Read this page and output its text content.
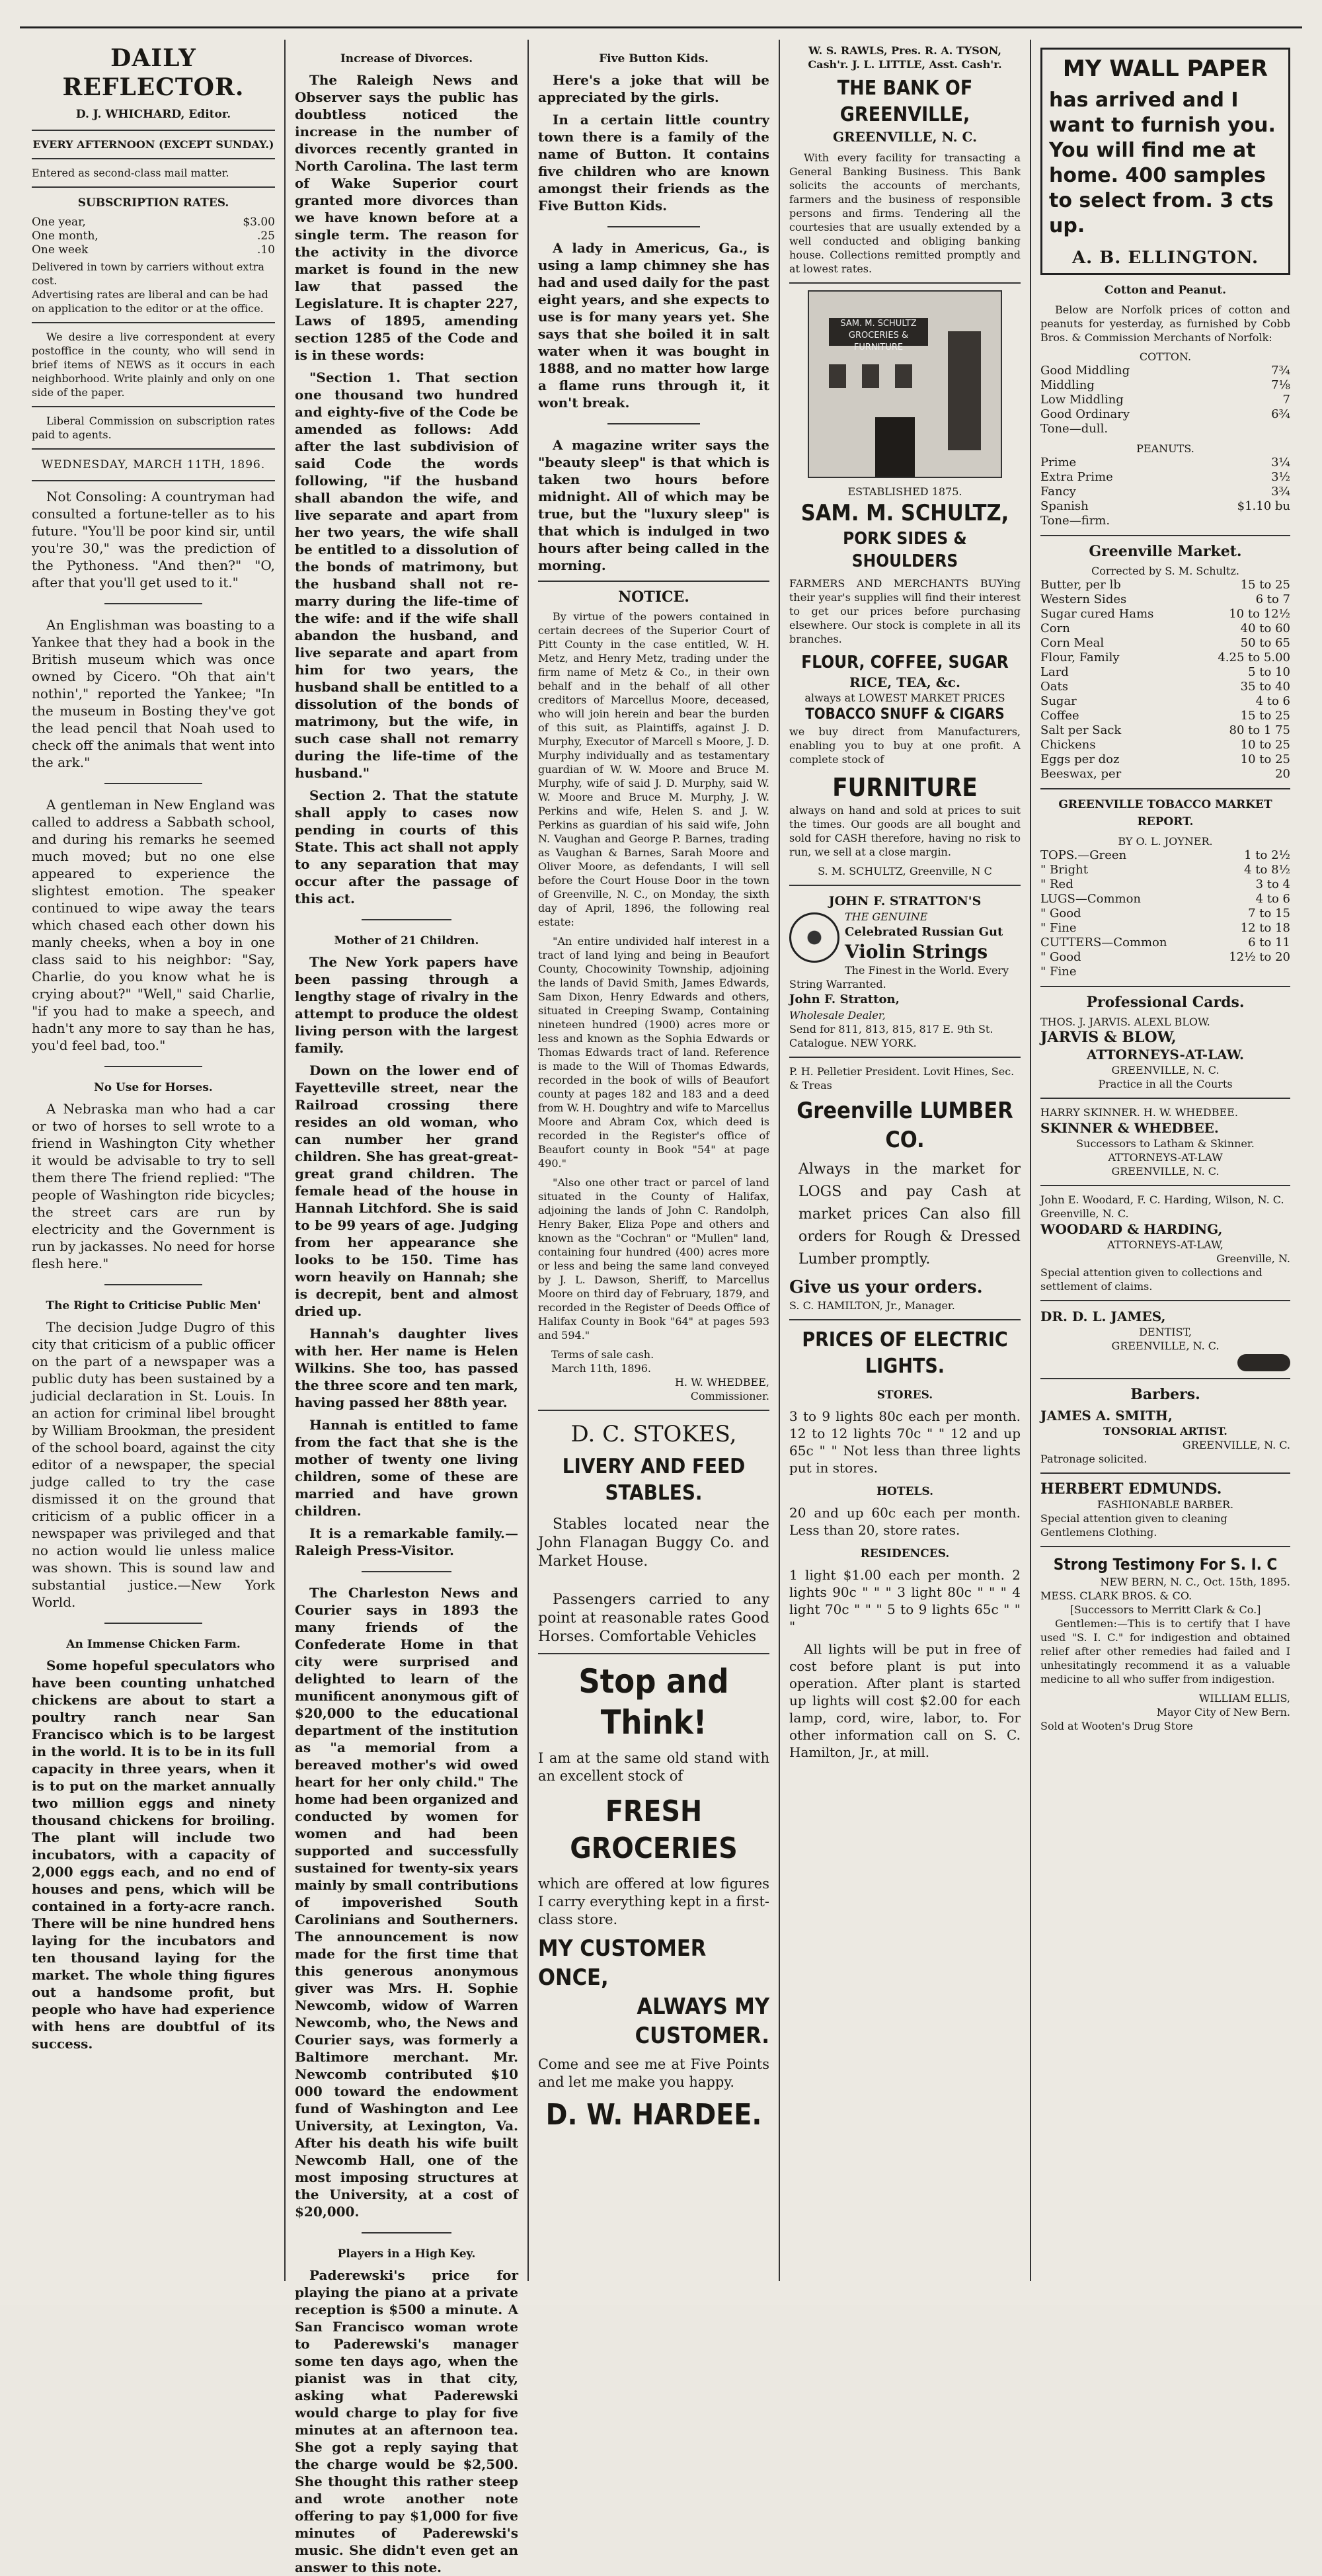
DAILY REFLECTOR.
D. J. WHICHARD, Editor.
EVERY AFTERNOON (EXCEPT SUNDAY.)
Entered as second-class mail matter.
SUBSCRIPTION RATES.
One year,	$3.00
One month,	.25
One week	.10
Delivered in town by carriers without extra cost.
Advertising rates are liberal and can be had on application to the editor or at the office.

We desire a live correspondent at every postoffice in the county, who will send in brief items of NEWS as it occurs in each neighborhood. Write plainly and only on one side of the paper.

Liberal Commission on subscription rates paid to agents.

WEDNESDAY, MARCH 11TH, 1896.

Not Consoling: A countryman had consulted a fortune-teller as to his future. "You'll be poor kind sir, until you're 30," was the prediction of the Pythoness. "And then?" "O, after that you'll get used to it."

An Englishman was boasting to a Yankee that they had a book in the British museum which was once owned by Cicero. "Oh that ain't nothin'," reported the Yankee; "In the museum in Bosting they've got the lead pencil that Noah used to check off the animals that went into the ark."

A gentleman in New England was called to address a Sabbath school, and during his remarks he seemed much moved; but no one else appeared to experience the slightest emotion. The speaker continued to wipe away the tears which chased each other down his manly cheeks, when a boy in one class said to his neighbor: "Say, Charlie, do you know what he is crying about?" "Well," said Charlie, "if you had to make a speech, and hadn't any more to say than he has, you'd feel bad, too."

No Use for Horses.

A Nebraska man who had a car or two of horses to sell wrote to a friend in Washington City whether it would be advisable to try to sell them there The friend replied: "The people of Washington ride bicycles; the street cars are run by electricity and the Government is run by jackasses. No need for horse flesh here."

The Right to Criticise Public Men'

The decision Judge Dugro of this city that criticism of a public officer on the part of a newspaper was a public duty has been sustained by a judicial declaration in St. Louis. In an action for criminal libel brought by William Brookman, the president of the school board, against the city editor of a newspaper, the special judge called to try the case dismissed it on the ground that criticism of a public officer in a newspaper was privileged and that no action would lie unless malice was shown. This is sound law and substantial justice.—New York World.

An Immense Chicken Farm.

Some hopeful speculators who have been counting unhatched chickens are about to start a poultry ranch near San Francisco which is to be largest in the world. It is to be in its full capacity in three years, when it is to put on the market annually two million eggs and ninety thousand chickens for broiling. The plant will include two incubators, with a capacity of 2,000 eggs each, and no end of houses and pens, which will be contained in a forty-acre ranch. There will be nine hundred hens laying for the incubators and ten thousand laying for the market. The whole thing figures out a handsome profit, but people who have had experience with hens are doubtful of its success.

Increase of Divorces.

The Raleigh News and Observer says the public has doubtless noticed the increase in the number of divorces recently granted in North Carolina. The last term of Wake Superior court granted more divorces than we have known before at a single term. The reason for the activity in the divorce market is found in the new law that passed the Legislature. It is chapter 227, Laws of 1895, amending section 1285 of the Code and is in these words:

"Section 1. That section one thousand two hundred and eighty-five of the Code be amended as follows: Add after the last subdivision of said Code the words following, "if the husband shall abandon the wife, and live separate and apart from her two years, the wife shall be entitled to a dissolution of the bonds of matrimony, but the husband shall not re-marry during the life-time of the wife: and if the wife shall abandon the husband, and live separate and apart from him for two years, the husband shall be entitled to a dissolution of the bonds of matrimony, but the wife, in such case shall not remarry during the life-time of the husband."

Section 2. That the statute shall apply to cases now pending in courts of this State. This act shall not apply to any separation that may occur after the passage of this act.

Mother of 21 Children.

The New York papers have been passing through a lengthy stage of rivalry in the attempt to produce the oldest living person with the largest family.

Down on the lower end of Fayetteville street, near the Railroad crossing there resides an old woman, who can number her grand children. She has great-great-great grand children. The female head of the house in Hannah Litchford. She is said to be 99 years of age. Judging from her appearance she looks to be 150. Time has worn heavily on Hannah; she is decrepit, bent and almost dried up.

Hannah's daughter lives with her. Her name is Helen Wilkins. She too, has passed the three score and ten mark, having passed her 88th year.

Hannah is entitled to fame from the fact that she is the mother of twenty one living children, some of these are married and have grown children.

It is a remarkable family.—Raleigh Press-Visitor.

The Charleston News and Courier says in 1893 the many friends of the Confederate Home in that city were surprised and delighted to learn of the munificent anonymous gift of $20,000 to the educational department of the institution as "a memorial from a bereaved mother's wid owed heart for her only child." The home had been organized and conducted by women for women and had been supported and successfully sustained for twenty-six years mainly by small contributions of impoverished South Carolinians and Southerners. The announcement is now made for the first time that this generous anonymous giver was Mrs. H. Sophie Newcomb, widow of Warren Newcomb, who, the News and Courier says, was formerly a Baltimore merchant. Mr. Newcomb contributed $10 000 toward the endowment fund of Washington and Lee University, at Lexington, Va. After his death his wife built Newcomb Hall, one of the most imposing structures at the University, at a cost of $20,000.

Players in a High Key.

Paderewski's price for playing the piano at a private reception is $500 a minute. A San Francisco woman wrote to Paderewski's manager some ten days ago, when the pianist was in that city, asking what Paderewski would charge to play for five minutes at an afternoon tea. She got a reply saying that the charge would be $2,500. She thought this rather steep and wrote another note offering to pay $1,000 for five minutes of Paderewski's music. She didn't even get an answer to this note.

Five Button Kids.

Here's a joke that will be appreciated by the girls.

In a certain little country town there is a family of the name of Button. It contains five children who are known amongst their friends as the Five Button Kids.

A lady in Americus, Ga., is using a lamp chimney she has had and used daily for the past eight years, and she expects to use is for many years yet. She says that she boiled it in salt water when it was bought in 1888, and no matter how large a flame runs through it, it won't break.

A magazine writer says the "beauty sleep" is that which is taken two hours before midnight. All of which may be true, but the "luxury sleep" is that which is indulged in two hours after being called in the morning.

NOTICE.

By virtue of the powers contained in certain decrees of the Superior Court of Pitt County in the case entitled, W. H. Metz, and Henry Metz, trading under the firm name of Metz & Co., in their own behalf and in the behalf of all other creditors of Marcellus Moore, deceased, who will join herein and bear the burden of this suit, as Plaintiffs, against J. D. Murphy, Executor of Marcell s Moore, J. D. Murphy individually and as testamentary guardian of W. W. Moore and Bruce M. Murphy, wife of said J. D. Murphy, said W. W. Moore and Bruce M. Murphy, J. W. Perkins and wife, Helen S. and J. W. Perkins as guardian of his said wife, John N. Vaughan and George P. Barnes, trading as Vaughan & Barnes, Sarah Moore and Oliver Moore, as defendants, I will sell before the Court House Door in the town of Greenville, N. C., on Monday, the sixth day of April, 1896, the following real estate:

"An entire undivided half interest in a tract of land lying and being in Beaufort County, Chocowinity Township, adjoining the lands of David Smith, James Edwards, Sam Dixon, Henry Edwards and others, situated in Creeping Swamp, Containing nineteen hundred (1900) acres more or less and known as the Sophia Edwards or Thomas Edwards tract of land. Reference is made to the Will of Thomas Edwards, recorded in the book of wills of Beaufort county at pages 182 and 183 and a deed from W. H. Doughtry and wife to Marcellus Moore and Abram Cox, which deed is recorded in the Register's office of Beaufort county in Book "54" at page 490."

"Also one other tract or parcel of land situated in the County of Halifax, adjoining the lands of John C. Randolph, Henry Baker, Eliza Pope and others and known as the "Cochran" or "Mullen" land, containing four hundred (400) acres more or less and being the same land conveyed by J. L. Dawson, Sheriff, to Marcellus Moore on third day of February, 1879, and recorded in the Register of Deeds Office of Halifax County in Book "64" at pages 593 and 594."

Terms of sale cash.
March 11th, 1896.
H. W. WHEDBEE,
Commissioner.
D. C. STOKES,
LIVERY AND FEED STABLES.

Stables located near the John Flanagan Buggy Co. and Market House.

Passengers carried to any point at reasonable rates Good Horses. Comfortable Vehicles

Stop and Think!

I am at the same old stand with an excellent stock of

FRESH GROCERIES

which are offered at low figures I carry everything kept in a first-class store.

MY CUSTOMER ONCE,
ALWAYS MY CUSTOMER.

Come and see me at Five Points and let me make you happy.

D. W. HARDEE.
W. S. RAWLS, Pres. R. A. TYSON, Cash'r. J. L. LITTLE, Asst. Cash'r.
THE BANK OF GREENVILLE,
GREENVILLE, N. C.

With every facility for transacting a General Banking Business. This Bank solicits the accounts of merchants, farmers and the business of responsible persons and firms. Tendering all the courtesies that are usually extended by a well conducted and obliging banking house. Collections remitted promptly and at lowest rates.

SAM. M. SCHULTZ GROCERIES & FURNITURE
ESTABLISHED 1875.
SAM. M. SCHULTZ,
PORK SIDES & SHOULDERS

FARMERS AND MERCHANTS BUYing their year's supplies will find their interest to get our prices before purchasing elsewhere. Our stock is complete in all its branches.

FLOUR, COFFEE, SUGAR
RICE, TEA, &c.
always at LOWEST MARKET PRICES
TOBACCO SNUFF & CIGARS

we buy direct from Manufacturers, enabling you to buy at one profit. A complete stock of

FURNITURE

always on hand and sold at prices to suit the times. Our goods are all bought and sold for CASH therefore, having no risk to run, we sell at a close margin.

S. M. SCHULTZ, Greenville, N C
JOHN F. STRATTON'S
THE GENUINE
Celebrated Russian Gut
Violin Strings
The Finest in the World. Every String Warranted.
John F. Stratton,
Wholesale Dealer,
Send for 811, 813, 815, 817 E. 9th St. Catalogue. NEW YORK.
P. H. Pelletier President. Lovit Hines, Sec. & Treas
Greenville LUMBER CO.

Always in the market for LOGS and pay Cash at market prices Can also fill orders for Rough & Dressed Lumber promptly.

Give us your orders.
S. C. HAMILTON, Jr., Manager.
PRICES OF ELECTRIC LIGHTS.
STORES.

3 to 9 lights 80c each per month. 12 to 12 lights 70c " " 12 and up 65c " " Not less than three lights put in stores.

HOTELS.

20 and up 60c each per month. Less than 20, store rates.

RESIDENCES.

1 light $1.00 each per month. 2 lights 90c " " " 3 light 80c " " " 4 light 70c " " " 5 to 9 lights 65c " " "

All lights will be put in free of cost before plant is put into operation. After plant is started up lights will cost $2.00 for each lamp, cord, wire, labor, to. For other information call on S. C. Hamilton, Jr., at mill.

MY WALL PAPER
has arrived and I want to furnish you. You will find me at home. 400 samples to select from. 3 cts up.
A. B. ELLINGTON.
Cotton and Peanut.

Below are Norfolk prices of cotton and peanuts for yesterday, as furnished by Cobb Bros. & Commission Merchants of Norfolk:

COTTON.
Good Middling	7¾
Middling	7⅛
Low Middling	7
Good Ordinary	6¾
Tone—dull.
PEANUTS.
Prime	3¼
Extra Prime	3½
Fancy	3¾
Spanish	$1.10 bu
Tone—firm.
Greenville Market.
Corrected by S. M. Schultz.
Butter, per lb	15 to 25
Western Sides	6 to 7
Sugar cured Hams	10 to 12½
Corn	40 to 60
Corn Meal	50 to 65
Flour, Family	4.25 to 5.00
Lard	5 to 10
Oats	35 to 40
Sugar	4 to 6
Coffee	15 to 25
Salt per Sack	80 to 1 75
Chickens	10 to 25
Eggs per doz	10 to 25
Beeswax, per	20
GREENVILLE TOBACCO MARKET REPORT.
BY O. L. JOYNER.
TOPS.—Green	1 to 2½
" Bright	4 to 8½
" Red	3 to 4
LUGS—Common	4 to 6
" Good	7 to 15
" Fine	12 to 18
CUTTERS—Common	6 to 11
" Good	12½ to 20
" Fine
Professional Cards.
THOS. J. JARVIS. ALEXL BLOW.
JARVIS & BLOW,
ATTORNEYS-AT-LAW.
GREENVILLE, N. C.
Practice in all the Courts
HARRY SKINNER. H. W. WHEDBEE.
SKINNER & WHEDBEE.
Successors to Latham & Skinner.
ATTORNEYS-AT-LAW
GREENVILLE, N. C.
John E. Woodard, F. C. Harding, Wilson, N. C. Greenville, N. C.
WOODARD & HARDING,
ATTORNEYS-AT-LAW,
Greenville, N.
Special attention given to collections and settlement of claims.
DR. D. L. JAMES,
DENTIST,
GREENVILLE, N. C.
Barbers.
JAMES A. SMITH,
TONSORIAL ARTIST.
GREENVILLE, N. C.
Patronage solicited.
HERBERT EDMUNDS.
FASHIONABLE BARBER.
Special attention given to cleaning Gentlemens Clothing.
Strong Testimony For S. I. C
NEW BERN, N. C., Oct. 15th, 1895.
MESS. CLARK BROS. & CO.
[Successors to Merritt Clark & Co.]

Gentlemen:—This is to certify that I have used "S. I. C." for indigestion and obtained relief after other remedies had failed and I unhesitatingly recommend it as a valuable medicine to all who suffer from indigestion.

WILLIAM ELLIS,
Mayor City of New Bern.
Sold at Wooten's Drug Store
